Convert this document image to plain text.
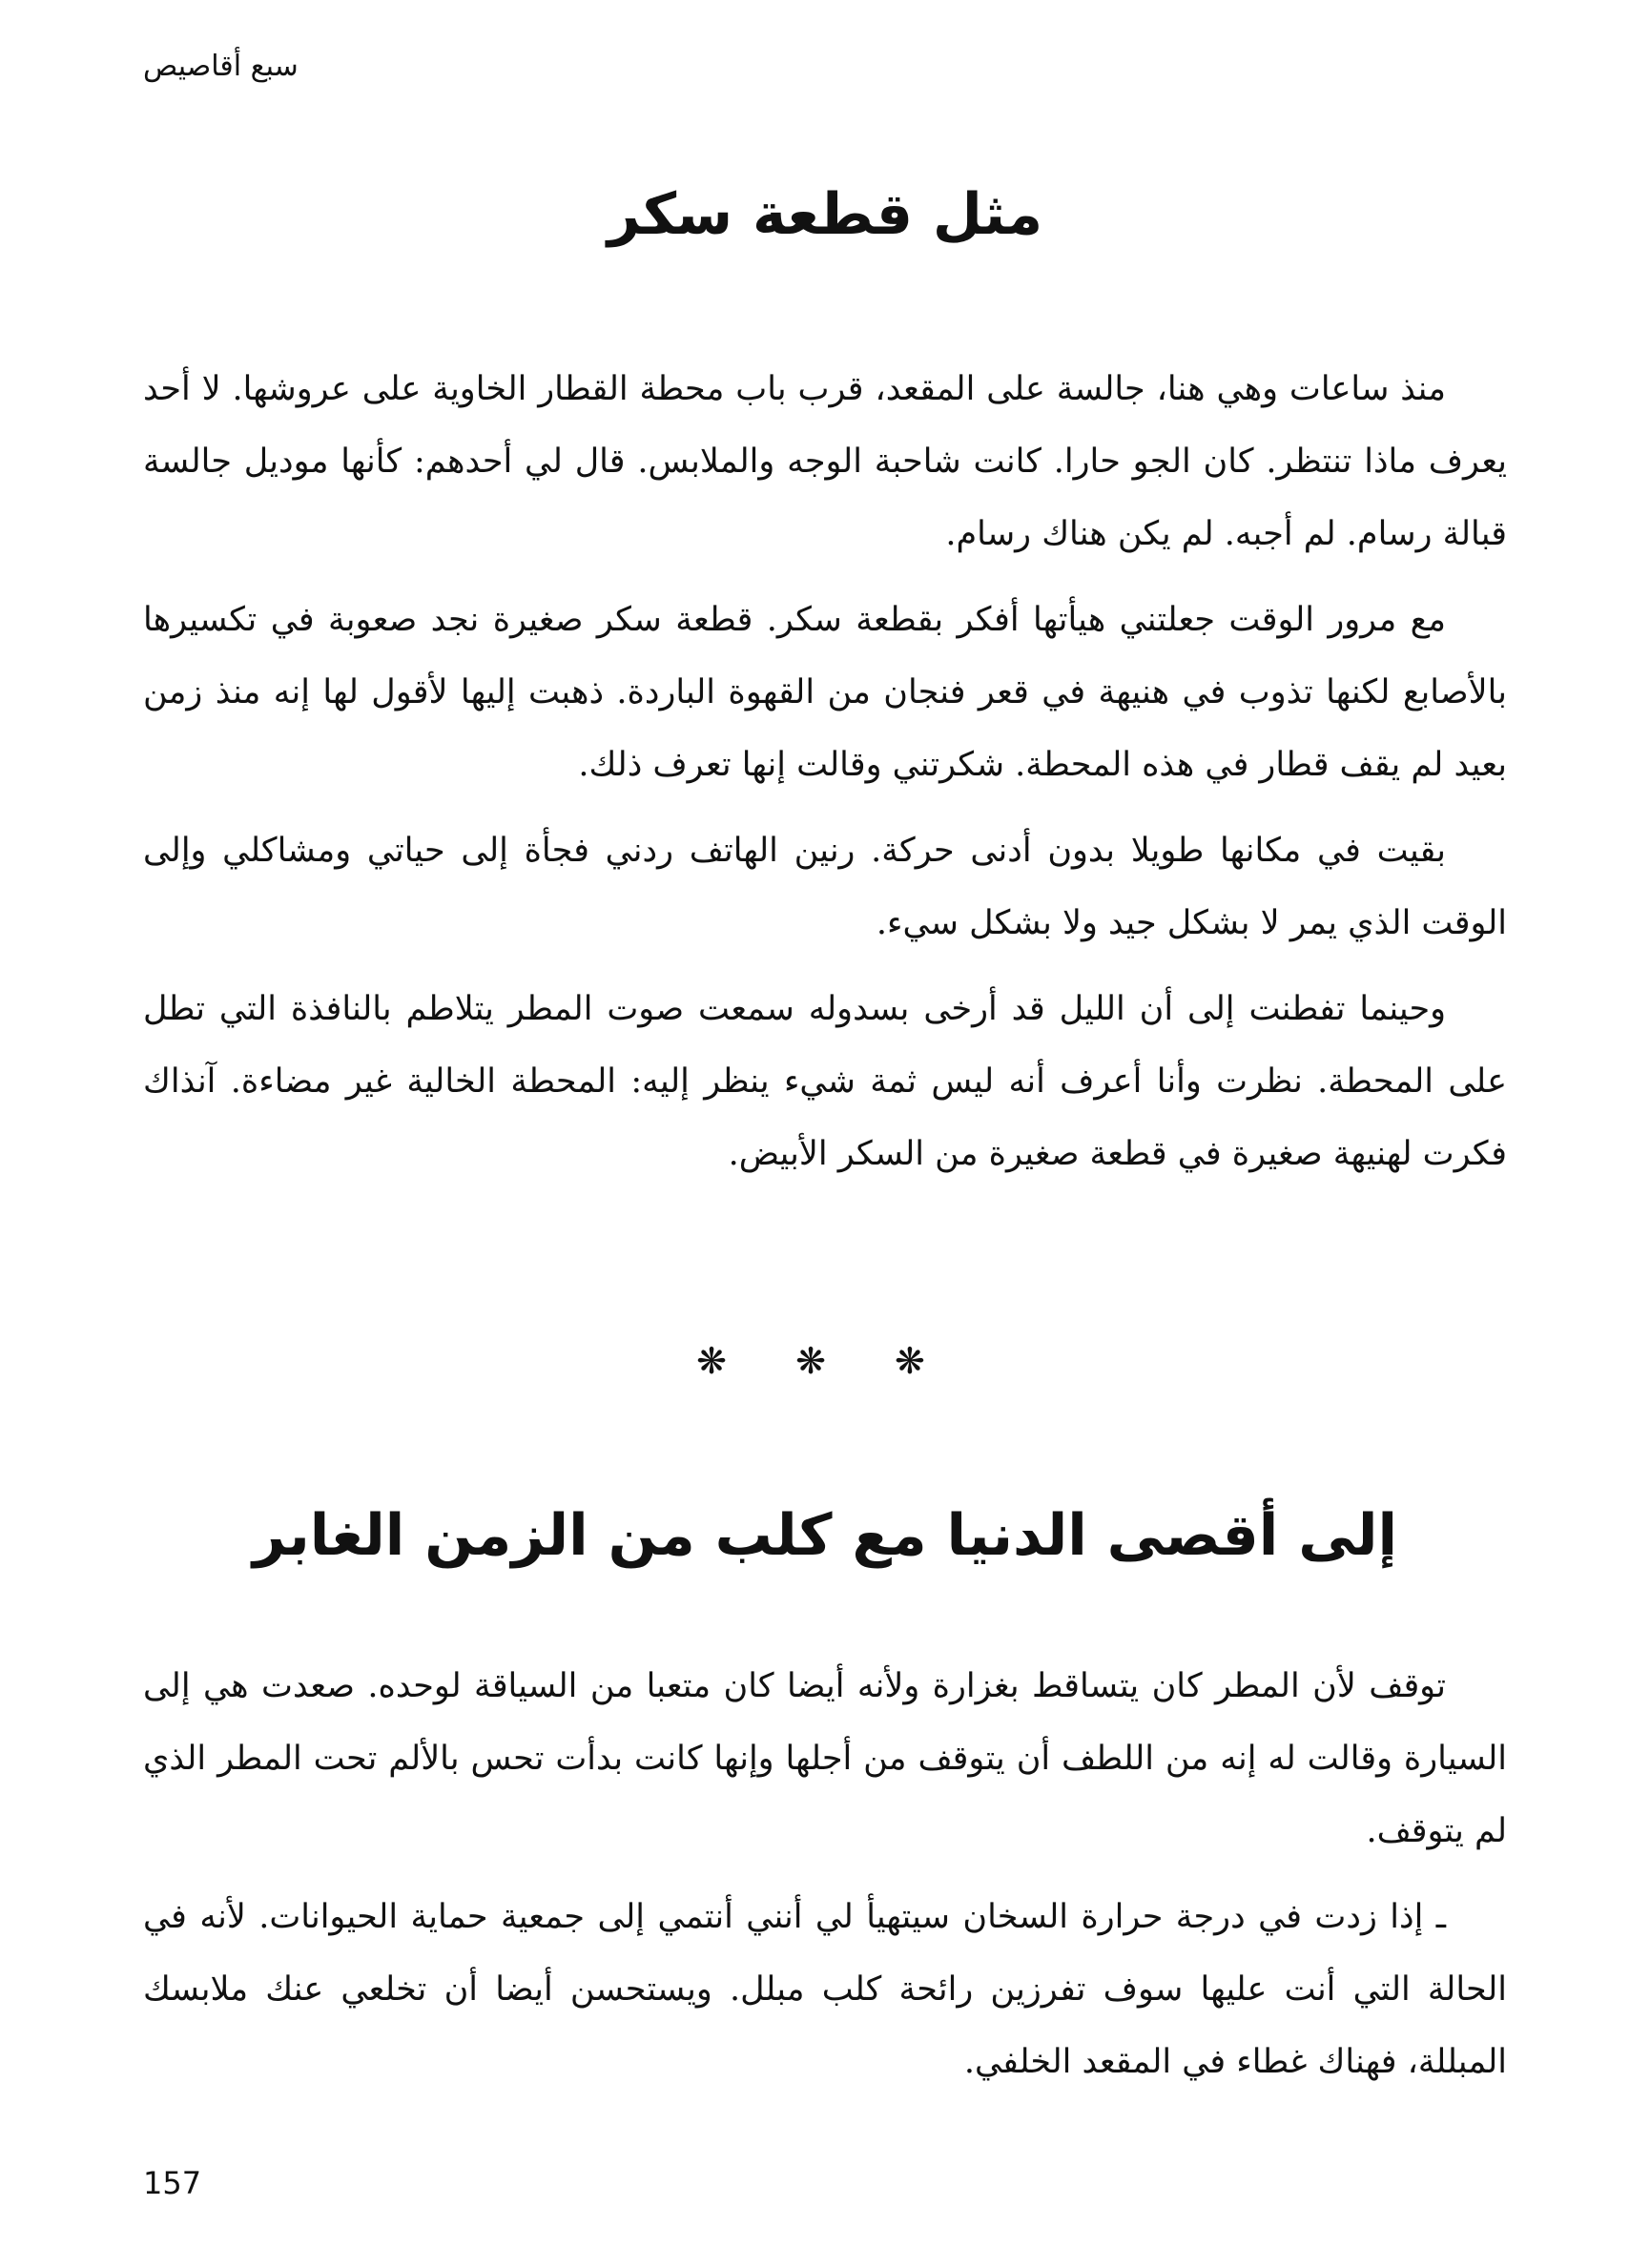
سبع أقاصيص
مثل قطعة سكر

منذ ساعات وهي هنا، جالسة على المقعد، قرب باب محطة القطار الخاوية على عروشها. لا أحد يعرف ماذا تنتظر. كان الجو حارا. كانت شاحبة الوجه والملابس. قال لي أحدهم: كأنها موديل جالسة قبالة رسام. لم أجبه. لم يكن هناك رسام.

مع مرور الوقت جعلتني هيأتها أفكر بقطعة سكر. قطعة سكر صغيرة نجد صعوبة في تكسيرها بالأصابع لكنها تذوب في هنيهة في قعر فنجان من القهوة الباردة. ذهبت إليها لأقول لها إنه منذ زمن بعيد لم يقف قطار في هذه المحطة. شكرتني وقالت إنها تعرف ذلك.

بقيت في مكانها طويلا بدون أدنى حركة. رنين الهاتف ردني فجأة إلى حياتي ومشاكلي وإلى الوقت الذي يمر لا بشكل جيد ولا بشكل سيء.

وحينما تفطنت إلى أن الليل قد أرخى بسدوله سمعت صوت المطر يتلاطم بالنافذة التي تطل على المحطة. نظرت وأنا أعرف أنه ليس ثمة شيء ينظر إليه: المحطة الخالية غير مضاءة. آنذاك فكرت لهنيهة صغيرة في قطعة صغيرة من السكر الأبيض.

❋ ❋ ❋
إلى أقصى الدنيا مع كلب من الزمن الغابر

توقف لأن المطر كان يتساقط بغزارة ولأنه أيضا كان متعبا من السياقة لوحده. صعدت هي إلى السيارة وقالت له إنه من اللطف أن يتوقف من أجلها وإنها كانت بدأت تحس بالألم تحت المطر الذي لم يتوقف.

ـ إذا زدت في درجة حرارة السخان سيتهيأ لي أنني أنتمي إلى جمعية حماية الحيوانات. لأنه في الحالة التي أنت عليها سوف تفرزين رائحة كلب مبلل. ويستحسن أيضا أن تخلعي عنك ملابسك المبللة، فهناك غطاء في المقعد الخلفي.

157
